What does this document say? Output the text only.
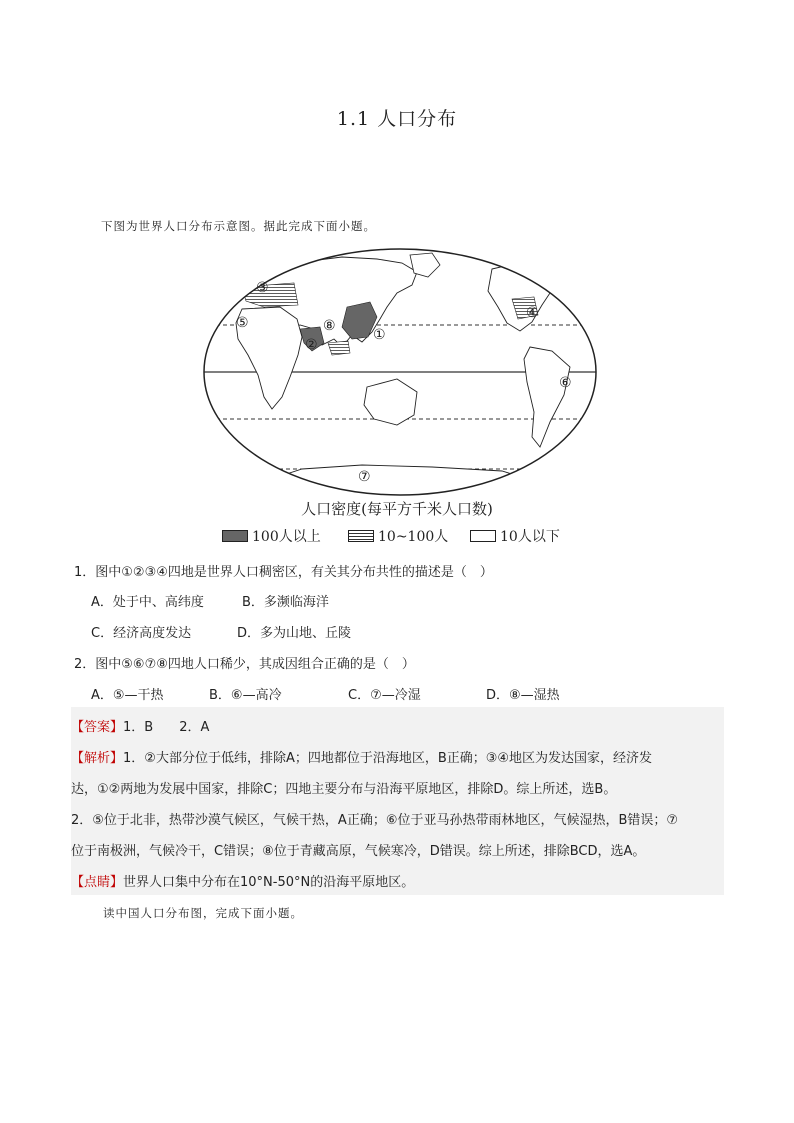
1.1 人口分布
下图为世界人口分布示意图。据此完成下面小题。
①
②
③
④
⑤
⑥
⑦
⑧
人口密度(每平方千米人口数)
100人以上	10~100人	10人以下
1．图中①②③④四地是世界人口稠密区，有关其分布共性的描述是（　）
A．处于中、高纬度	B．多濒临海洋
C．经济高度发达	D．多为山地、丘陵
2．图中⑤⑥⑦⑧四地人口稀少，其成因组合正确的是（　）
A．⑤—干热	B．⑥—高冷	C．⑦—冷湿	D．⑧—湿热
【答案】1．B　　2．A
【解析】1．②大部分位于低纬，排除A；四地都位于沿海地区，B正确；③④地区为发达国家，经济发
达，①②两地为发展中国家，排除C；四地主要分布与沿海平原地区，排除D。综上所述，选B。
2．⑤位于北非，热带沙漠气候区，气候干热，A正确；⑥位于亚马孙热带雨林地区，气候湿热，B错误；⑦
位于南极洲，气候冷干，C错误；⑧位于青藏高原，气候寒冷，D错误。综上所述，排除BCD，选A。
【点睛】世界人口集中分布在10°N-50°N的沿海平原地区。
读中国人口分布图，完成下面小题。
